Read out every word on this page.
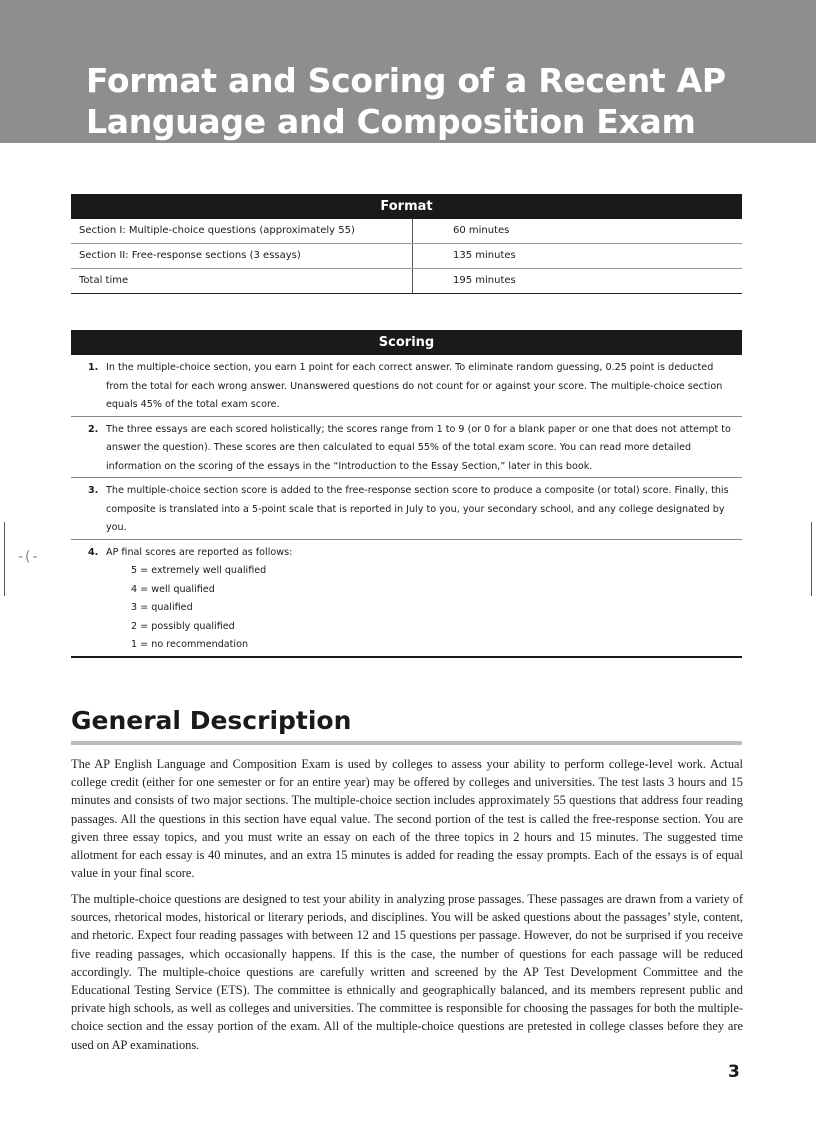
Format and Scoring of a Recent AP Language and Composition Exam
-(-
Format
Section I: Multiple-choice questions (approximately 55)	60 minutes
Section II: Free-response sections (3 essays)	135 minutes
Total time	195 minutes
Scoring
1. In the multiple-choice section, you earn 1 point for each correct answer. To eliminate random guessing, 0.25 point is deducted from the total for each wrong answer. Unanswered questions do not count for or against your score. The multiple-choice section equals 45% of the total exam score.
2. The three essays are each scored holistically; the scores range from 1 to 9 (or 0 for a blank paper or one that does not attempt to answer the question). These scores are then calculated to equal 55% of the total exam score. You can read more detailed information on the scoring of the essays in the “Introduction to the Essay Section,” later in this book.
3. The multiple-choice section score is added to the free-response section score to produce a composite (or total) score. Finally, this composite is translated into a 5-point scale that is reported in July to you, your secondary school, and any college designated by you.
4. AP final scores are reported as follows:
5 = extremely well qualified
4 = well qualified
3 = qualified
2 = possibly qualified
1 = no recommendation
General Description

The AP English Language and Composition Exam is used by colleges to assess your ability to perform college-level work. Actual college credit (either for one semester or for an entire year) may be offered by colleges and universities. The test lasts 3 hours and 15 minutes and consists of two major sections. The multiple-choice section includes approximately 55 questions that address four reading passages. All the questions in this section have equal value. The second portion of the test is called the free-response section. You are given three essay topics, and you must write an essay on each of the three topics in 2 hours and 15 minutes. The suggested time allotment for each essay is 40 minutes, and an extra 15 minutes is added for reading the essay prompts. Each of the essays is of equal value in your final score.

The multiple-choice questions are designed to test your ability in analyzing prose passages. These passages are drawn from a variety of sources, rhetorical modes, historical or literary periods, and disciplines. You will be asked questions about the passages’ style, content, and rhetoric. Expect four reading passages with between 12 and 15 questions per passage. However, do not be surprised if you receive five reading passages, which occasionally happens. If this is the case, the number of questions for each passage will be reduced accordingly. The multiple-choice questions are carefully written and screened by the AP Test Development Committee and the Educational Testing Service (ETS). The committee is ethnically and geographically balanced, and its members represent public and private high schools, as well as colleges and universities. The committee is responsible for choosing the passages for both the multiple-choice section and the essay portion of the exam. All of the multiple-choice questions are pretested in college classes before they are used on AP examinations.

3
